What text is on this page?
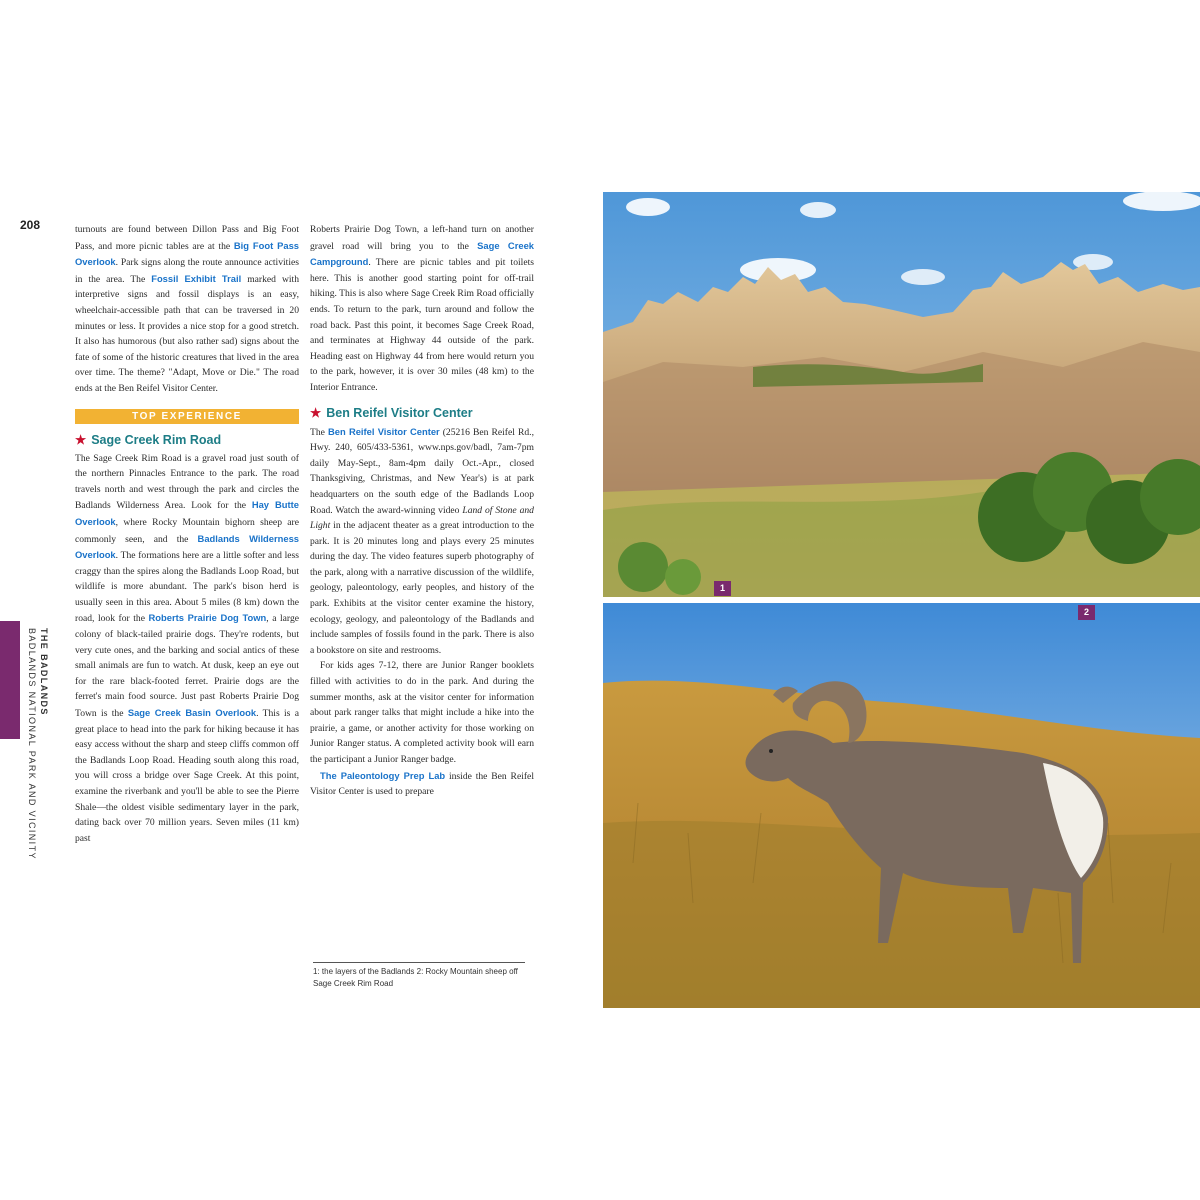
208
THE BADLANDS
BADLANDS NATIONAL PARK AND VICINITY

turnouts are found between Dillon Pass and Big Foot Pass, and more picnic tables are at the Big Foot Pass Overlook. Park signs along the route announce activities in the area. The Fossil Exhibit Trail marked with interpretive signs and fossil displays is an easy, wheelchair-accessible path that can be traversed in 20 minutes or less. It provides a nice stop for a good stretch. It also has humorous (but also rather sad) signs about the fate of some of the historic creatures that lived in the area over time. The theme? "Adapt, Move or Die." The road ends at the Ben Reifel Visitor Center.

TOP EXPERIENCE
★ Sage Creek Rim Road

The Sage Creek Rim Road is a gravel road just south of the northern Pinnacles Entrance to the park. The road travels north and west through the park and circles the Badlands Wilderness Area. Look for the Hay Butte Overlook, where Rocky Mountain bighorn sheep are commonly seen, and the Badlands Wilderness Overlook. The formations here are a little softer and less craggy than the spires along the Badlands Loop Road, but wildlife is more abundant. The park's bison herd is usually seen in this area. About 5 miles (8 km) down the road, look for the Roberts Prairie Dog Town, a large colony of black-tailed prairie dogs. They're rodents, but very cute ones, and the barking and social antics of these small animals are fun to watch. At dusk, keep an eye out for the rare black-footed ferret. Prairie dogs are the ferret's main food source. Just past Roberts Prairie Dog Town is the Sage Creek Basin Overlook. This is a great place to head into the park for hiking because it has easy access without the sharp and steep cliffs common off the Badlands Loop Road. Heading south along this road, you will cross a bridge over Sage Creek. At this point, examine the riverbank and you'll be able to see the Pierre Shale—the oldest visible sedimentary layer in the park, dating back over 70 million years. Seven miles (11 km) past

Roberts Prairie Dog Town, a left-hand turn on another gravel road will bring you to the Sage Creek Campground. There are picnic tables and pit toilets here. This is another good starting point for off-trail hiking. This is also where Sage Creek Rim Road officially ends. To return to the park, turn around and follow the road back. Past this point, it becomes Sage Creek Road, and terminates at Highway 44 outside of the park. Heading east on Highway 44 from here would return you to the park, however, it is over 30 miles (48 km) to the Interior Entrance.

★ Ben Reifel Visitor Center

The Ben Reifel Visitor Center (25216 Ben Reifel Rd., Hwy. 240, 605/433-5361, www.nps.gov/badl, 7am-7pm daily May-Sept., 8am-4pm daily Oct.-Apr., closed Thanksgiving, Christmas, and New Year's) is at park headquarters on the south edge of the Badlands Loop Road. Watch the award-winning video Land of Stone and Light in the adjacent theater as a great introduction to the park. It is 20 minutes long and plays every 25 minutes during the day. The video features superb photography of the park, along with a narrative discussion of the wildlife, geology, paleontology, early peoples, and history of the park. Exhibits at the visitor center examine the history, ecology, geology, and paleontology of the Badlands and include samples of fossils found in the park. There is also a bookstore on site and restrooms.

For kids ages 7-12, there are Junior Ranger booklets filled with activities to do in the park. And during the summer months, ask at the visitor center for information about park ranger talks that might include a hike into the prairie, a game, or another activity for those working on Junior Ranger status. A completed activity book will earn the participant a Junior Ranger badge.

The Paleontology Prep Lab inside the Ben Reifel Visitor Center is used to prepare

1: the layers of the Badlands 2: Rocky Mountain sheep off Sage Creek Rim Road
1
2
